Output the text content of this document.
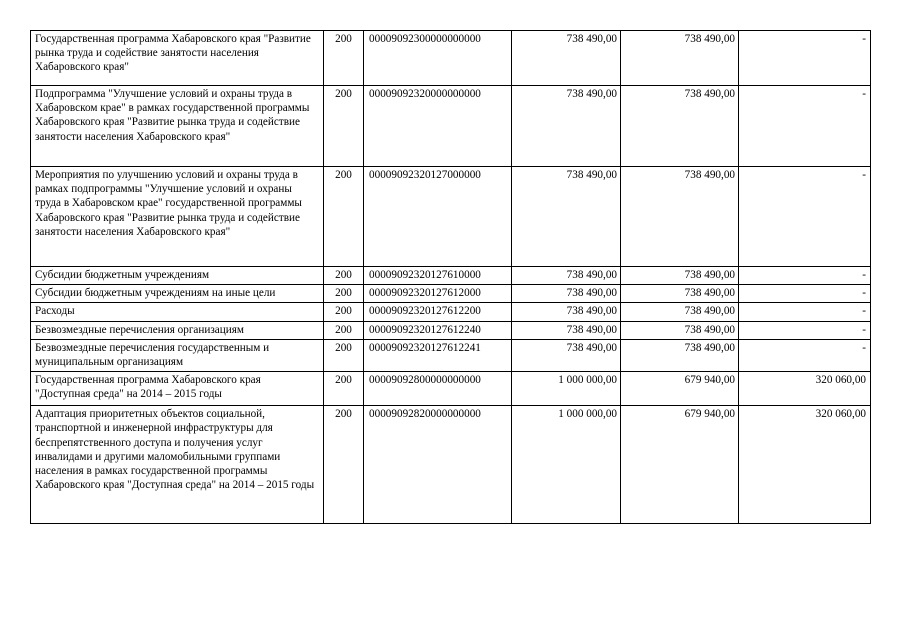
Государственная программа Хабаровского края "Развитие рынка труда и содействие занятости населения Хабаровского края"	200	00009092300000000000	738 490,00	738 490,00	-
Подпрограмма "Улучшение условий и охраны труда в Хабаровском крае" в рамках государственной программы Хабаровского края "Развитие рынка труда и содействие занятости населения Хабаровского края"	200	00009092320000000000	738 490,00	738 490,00	-
Мероприятия по улучшению условий и охраны труда в рамках подпрограммы "Улучшение условий и охраны труда в Хабаровском крае" государственной программы Хабаровского края "Развитие рынка труда и содействие занятости населения Хабаровского края"	200	00009092320127000000	738 490,00	738 490,00	-
Субсидии бюджетным учреждениям	200	00009092320127610000	738 490,00	738 490,00	-
Субсидии бюджетным учреждениям на иные цели	200	00009092320127612000	738 490,00	738 490,00	-
Расходы	200	00009092320127612200	738 490,00	738 490,00	-
Безвозмездные перечисления организациям	200	00009092320127612240	738 490,00	738 490,00	-
Безвозмездные перечисления государственным и муниципальным организациям	200	00009092320127612241	738 490,00	738 490,00	-
Государственная программа Хабаровского края "Доступная среда" на 2014 – 2015 годы	200	00009092800000000000	1 000 000,00	679 940,00	320 060,00
Адаптация приоритетных объектов социальной, транспортной и инженерной инфраструктуры для беспрепятственного доступа и получения услуг инвалидами и другими маломобильными группами населения в рамках государственной программы Хабаровского края "Доступная среда" на 2014 – 2015 годы	200	00009092820000000000	1 000 000,00	679 940,00	320 060,00
